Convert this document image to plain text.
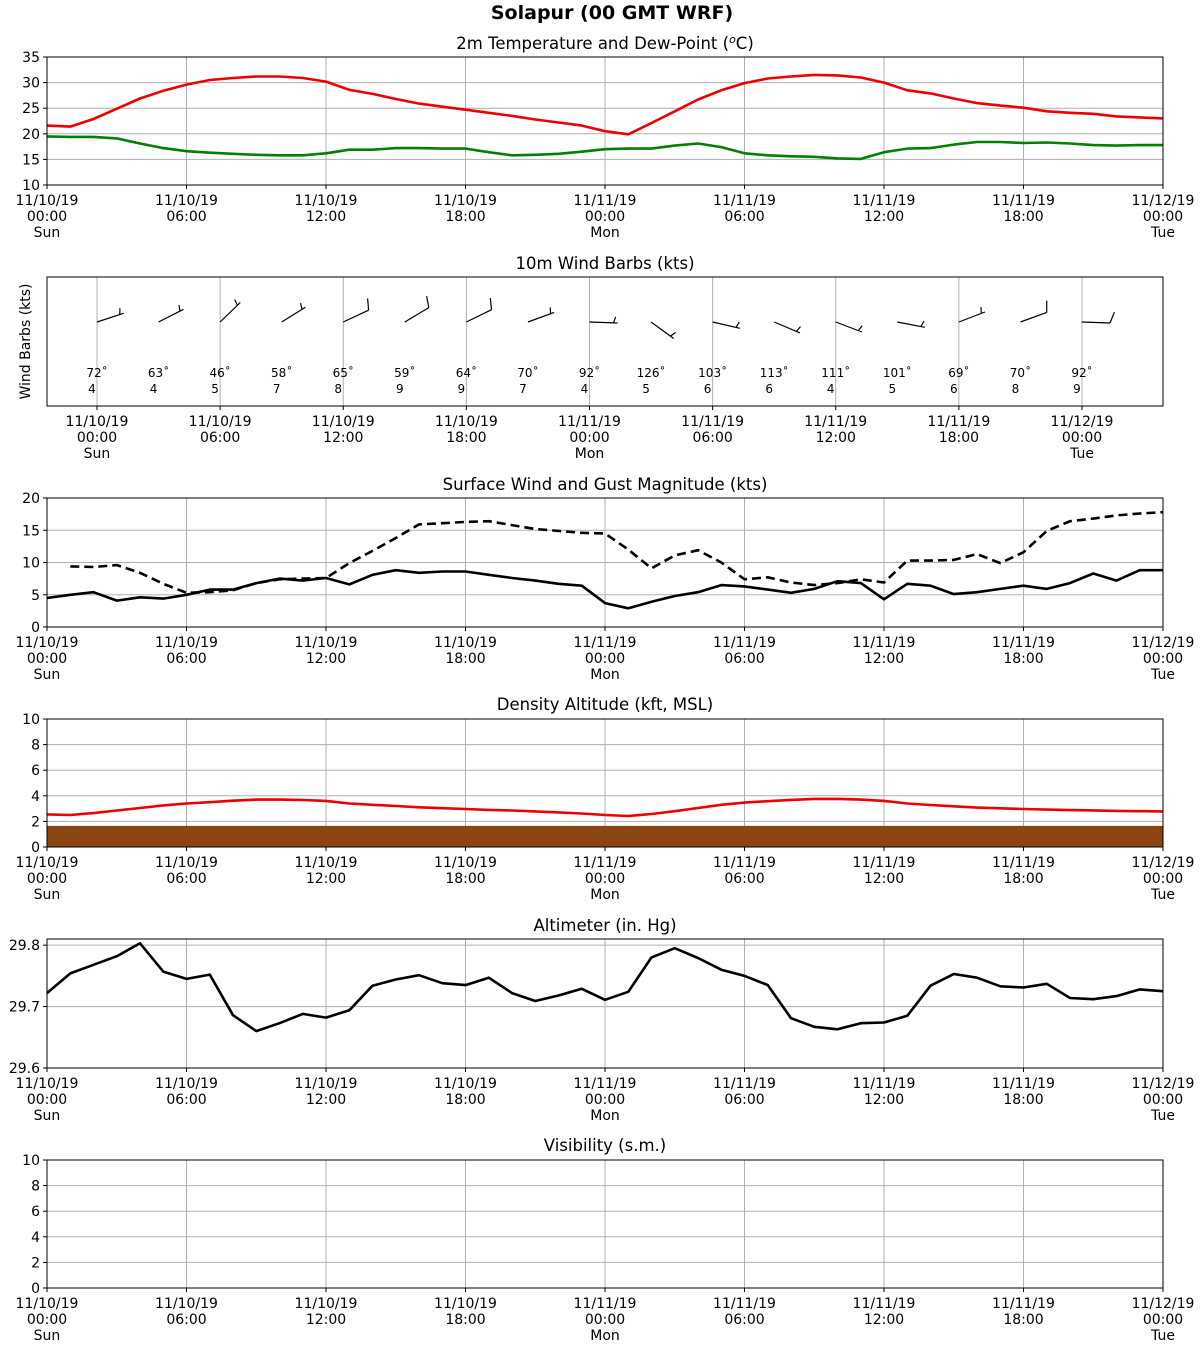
Solapur (00 GMT WRF)
2m Temperature and Dew-Point ($^o$C)
10
15
20
25
30
35
11/10/19
00:00
Sun
11/10/19
06:00
11/10/19
12:00
11/10/19
18:00
11/11/19
00:00
Mon
11/11/19
06:00
11/11/19
12:00
11/11/19
18:00
11/12/19
00:00
Tue
10m Wind Barbs (kts)
Wind Barbs (kts)
11/10/19
00:00
Sun
11/10/19
06:00
11/10/19
12:00
11/10/19
18:00
11/11/19
00:00
Mon
11/11/19
06:00
11/11/19
12:00
11/11/19
18:00
11/12/19
00:00
Tue
72˚
4
63˚
4
46˚
5
58˚
7
65˚
8
59˚
9
64˚
9
70˚
7
92˚
4
126˚
5
103˚
6
113˚
6
111˚
4
101˚
5
69˚
6
70˚
8
92˚
9
Surface Wind and Gust Magnitude (kts)
0
5
10
15
20
11/10/19
00:00
Sun
11/10/19
06:00
11/10/19
12:00
11/10/19
18:00
11/11/19
00:00
Mon
11/11/19
06:00
11/11/19
12:00
11/11/19
18:00
11/12/19
00:00
Tue
Density Altitude (kft, MSL)
0
2
4
6
8
10
11/10/19
00:00
Sun
11/10/19
06:00
11/10/19
12:00
11/10/19
18:00
11/11/19
00:00
Mon
11/11/19
06:00
11/11/19
12:00
11/11/19
18:00
11/12/19
00:00
Tue
Altimeter (in. Hg)
29.6
29.7
29.8
11/10/19
00:00
Sun
11/10/19
06:00
11/10/19
12:00
11/10/19
18:00
11/11/19
00:00
Mon
11/11/19
06:00
11/11/19
12:00
11/11/19
18:00
11/12/19
00:00
Tue
Visibility (s.m.)
0
2
4
6
8
10
11/10/19
00:00
Sun
11/10/19
06:00
11/10/19
12:00
11/10/19
18:00
11/11/19
00:00
Mon
11/11/19
06:00
11/11/19
12:00
11/11/19
18:00
11/12/19
00:00
Tue
